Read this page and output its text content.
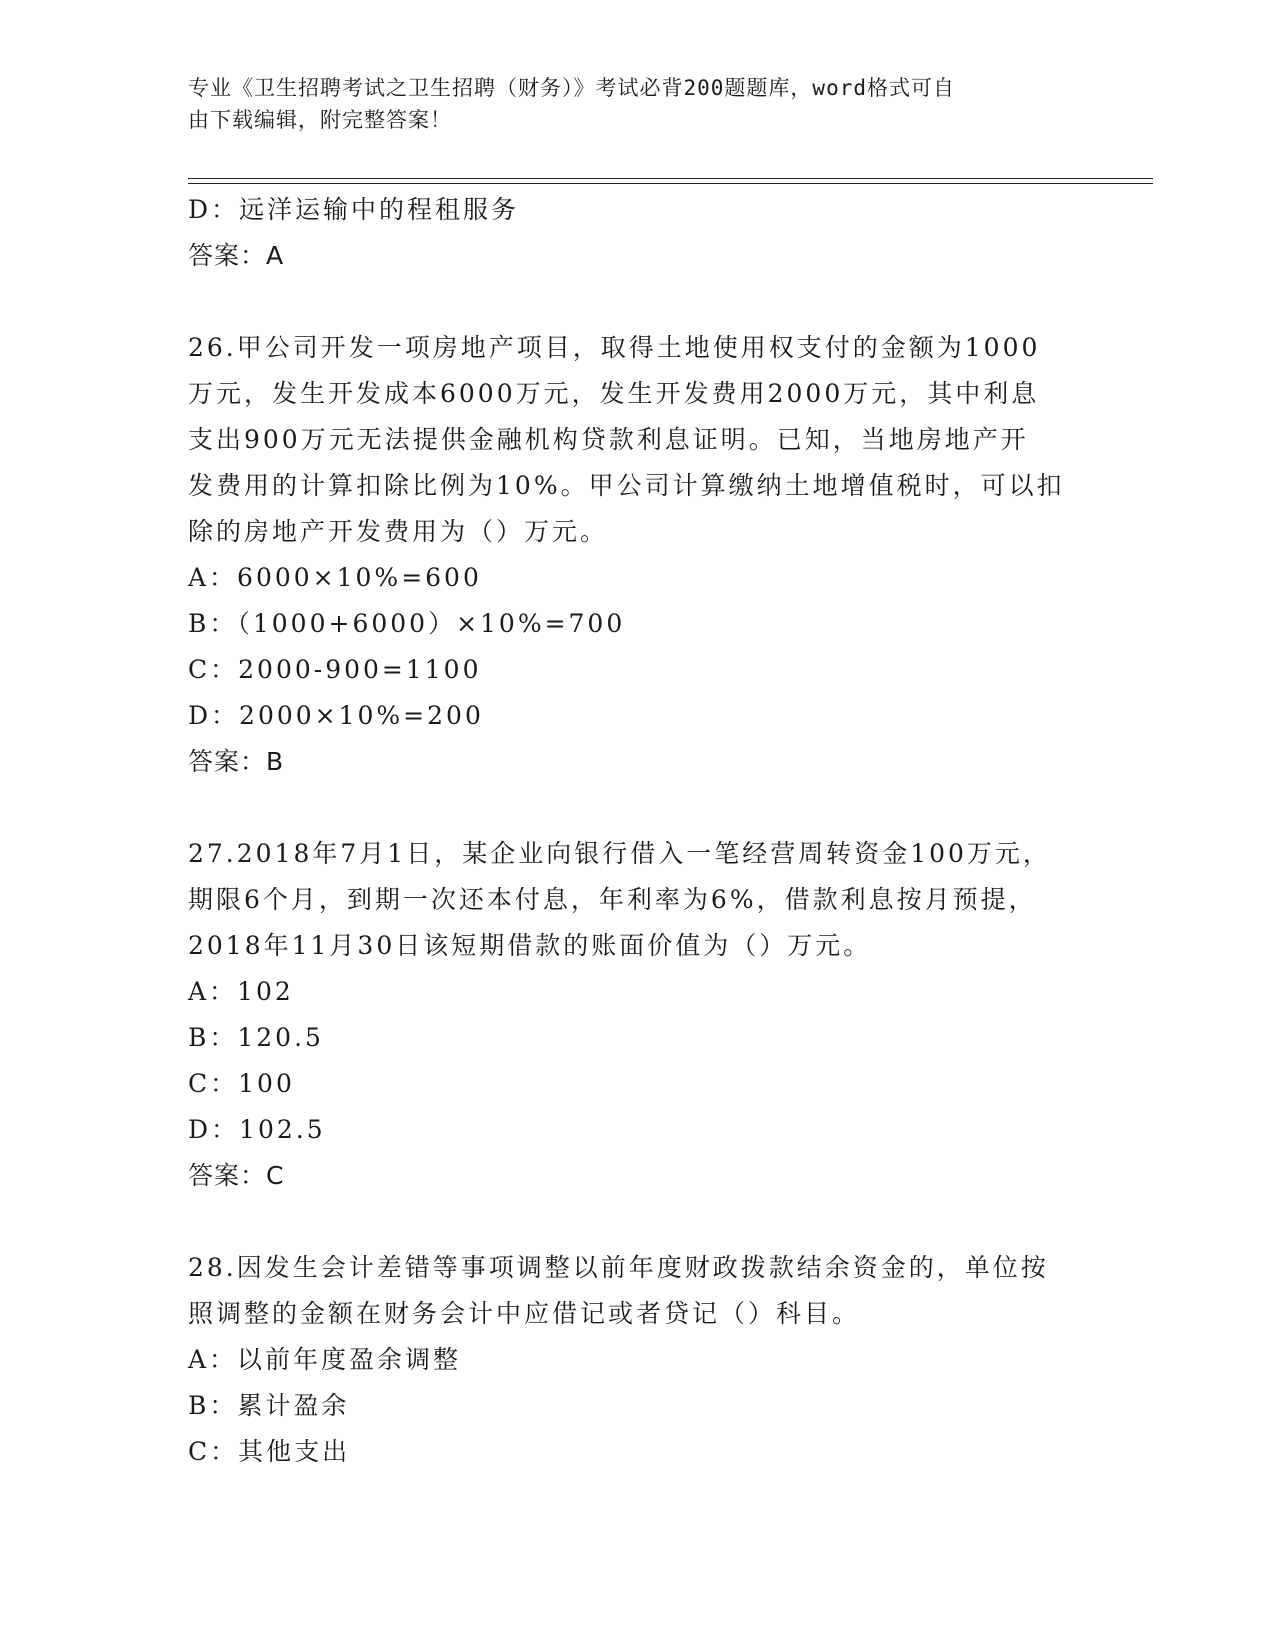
专业《卫生招聘考试之卫生招聘（财务）》考试必背200题题库，word格式可自
由下载编辑，附完整答案！
D：远洋运输中的程租服务
答案：A
26.甲公司开发一项房地产项目，取得土地使用权支付的金额为1000
万元，发生开发成本6000万元，发生开发费用2000万元，其中利息
支出900万元无法提供金融机构贷款利息证明。已知，当地房地产开
发费用的计算扣除比例为10%。甲公司计算缴纳土地增值税时，可以扣
除的房地产开发费用为（）万元。
A：6000×10%=600
B：（1000+6000）×10%=700
C：2000-900=1100
D：2000×10%=200
答案：B
27.2018年7月1日，某企业向银行借入一笔经营周转资金100万元，
期限6个月，到期一次还本付息，年利率为6%，借款利息按月预提，
2018年11月30日该短期借款的账面价值为（）万元。
A：102
B：120.5
C：100
D：102.5
答案：C
28.因发生会计差错等事项调整以前年度财政拨款结余资金的，单位按
照调整的金额在财务会计中应借记或者贷记（）科目。
A：以前年度盈余调整
B：累计盈余
C：其他支出
